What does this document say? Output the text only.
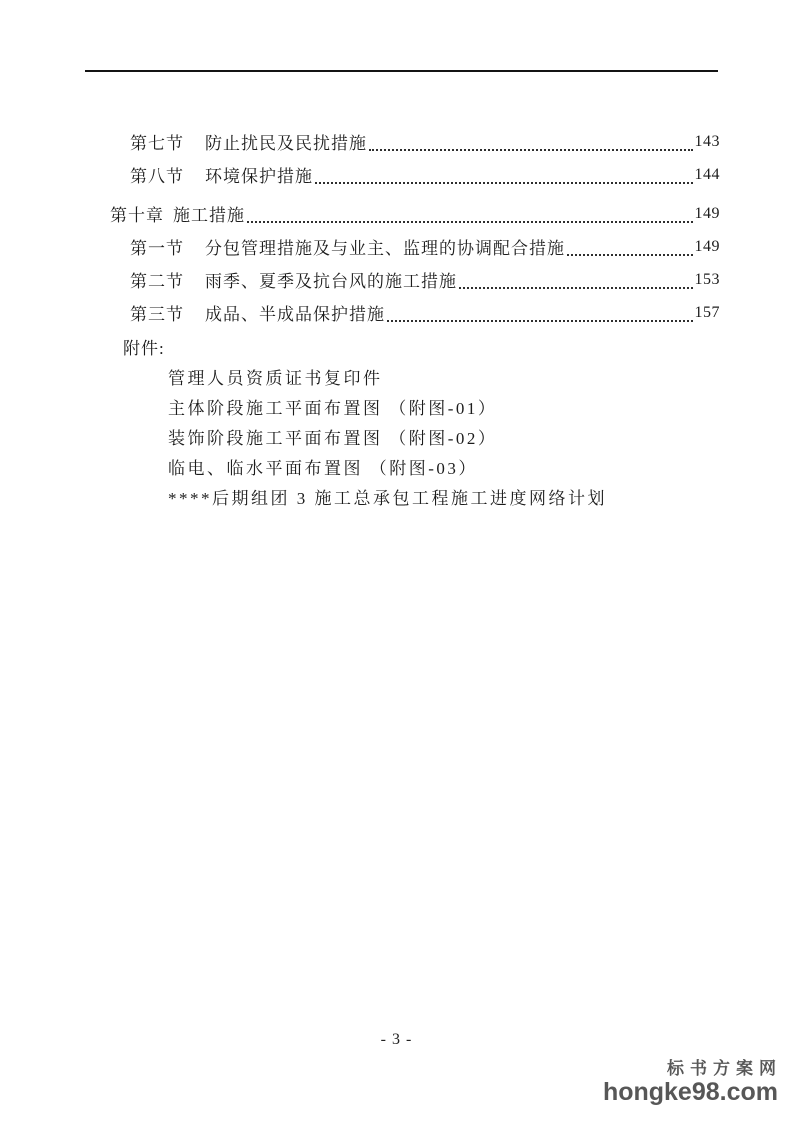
第七节	防止扰民及民扰措施	143
第八节	环境保护措施	144
第十章 施工措施	149
第一节	分包管理措施及与业主、监理的协调配合措施	149
第二节	雨季、夏季及抗台风的施工措施	153
第三节	成品、半成品保护措施	157
附件:
管理人员资质证书复印件
主体阶段施工平面布置图 （附图-01）
装饰阶段施工平面布置图 （附图-02）
临电、临水平面布置图 （附图-03）
****后期组团 3 施工总承包工程施工进度网络计划
- 3 -
标书方案网
hongke98.com
